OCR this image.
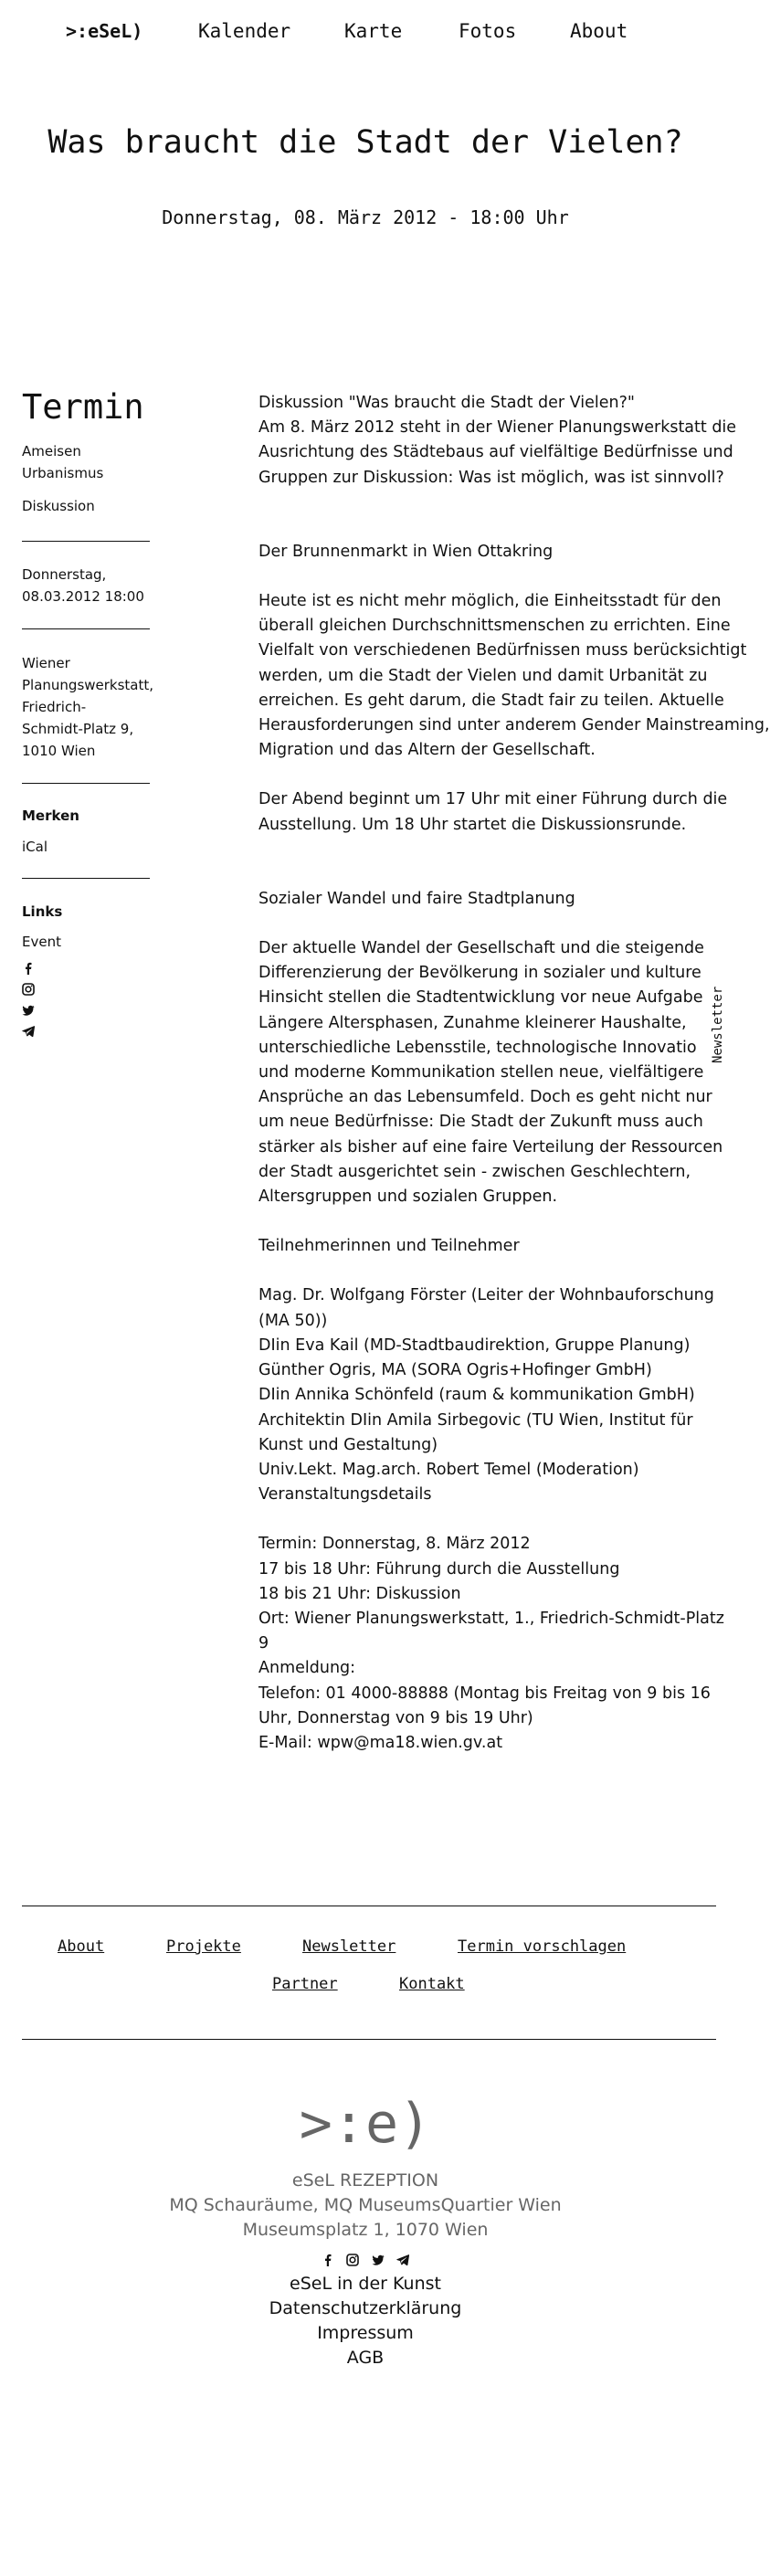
>:eSeL)	Kalender	Karte	Fotos	About
Was braucht die Stadt der Vielen?
Donnerstag, 08. März 2012 - 18:00 Uhr
Termin
Ameisen
Urbanismus
Diskussion
Donnerstag,
08.03.2012 18:00
Wiener
Planungswerkstatt,
Friedrich-
Schmidt-Platz 9,
1010 Wien
Merken
iCal
Links
Event
Diskussion "Was braucht die Stadt der Vielen?"

Am 8. März 2012 steht in der Wiener Planungswerkstatt die Ausrichtung des Städtebaus auf vielfältige Bedürfnisse und Gruppen zur Diskussion: Was ist möglich, was ist sinnvoll?

Der Brunnenmarkt in Wien Ottakring

Heute ist es nicht mehr möglich, die Einheitsstadt für den überall gleichen Durchschnittsmenschen zu errichten. Eine Vielfalt von verschiedenen Bedürfnissen muss berücksichtigt werden, um die Stadt der Vielen und damit Urbanität zu erreichen. Es geht darum, die Stadt fair zu teilen. Aktuelle Herausforderungen sind unter anderem Gender Mainstreaming, Migration und das Altern der Gesellschaft.

Der Abend beginnt um 17 Uhr mit einer Führung durch die Ausstellung. Um 18 Uhr startet die Diskussionsrunde.

Sozialer Wandel und faire Stadtplanung
Der aktuelle Wandel der Gesellschaft und die steigende
Differenzierung der Bevölkerung in sozialer und kulture
Hinsicht stellen die Stadtentwicklung vor neue Aufgabe
Längere Altersphasen, Zunahme kleinerer Haushalte,
unterschiedliche Lebensstile, technologische Innovatio
und moderne Kommunikation stellen neue, vielfältigere
Ansprüche an das Lebensumfeld. Doch es geht nicht nur
um neue Bedürfnisse: Die Stadt der Zukunft muss auch
stärker als bisher auf eine faire Verteilung der Ressourcen
der Stadt ausgerichtet sein - zwischen Geschlechtern,
Altersgruppen und sozialen Gruppen.
Teilnehmerinnen und Teilnehmer
Mag. Dr. Wolfgang Förster (Leiter der Wohnbauforschung
(MA 50))
DIin Eva Kail (MD-Stadtbaudirektion, Gruppe Planung)
Günther Ogris, MA (SORA Ogris+Hofinger GmbH)
DIin Annika Schönfeld (raum & kommunikation GmbH)
Architektin DIin Amila Sirbegovic (TU Wien, Institut für
Kunst und Gestaltung)
Univ.Lekt. Mag.arch. Robert Temel (Moderation)
Veranstaltungsdetails
Termin: Donnerstag, 8. März 2012
17 bis 18 Uhr: Führung durch die Ausstellung
18 bis 21 Uhr: Diskussion
Ort: Wiener Planungswerkstatt, 1., Friedrich-Schmidt-Platz
9
Anmeldung:
Telefon: 01 4000-88888 (Montag bis Freitag von 9 bis 16
Uhr, Donnerstag von 9 bis 19 Uhr)
E-Mail: wpw@ma18.wien.gv.at
Newsletter
About	Projekte	Newsletter	Termin vorschlagen
Partner	Kontakt
>:e)
eSeL REZEPTION
MQ Schauräume, MQ MuseumsQuartier Wien
Museumsplatz 1, 1070 Wien

eSeL in der Kunst
Datenschutzerklärung
Impressum
AGB
